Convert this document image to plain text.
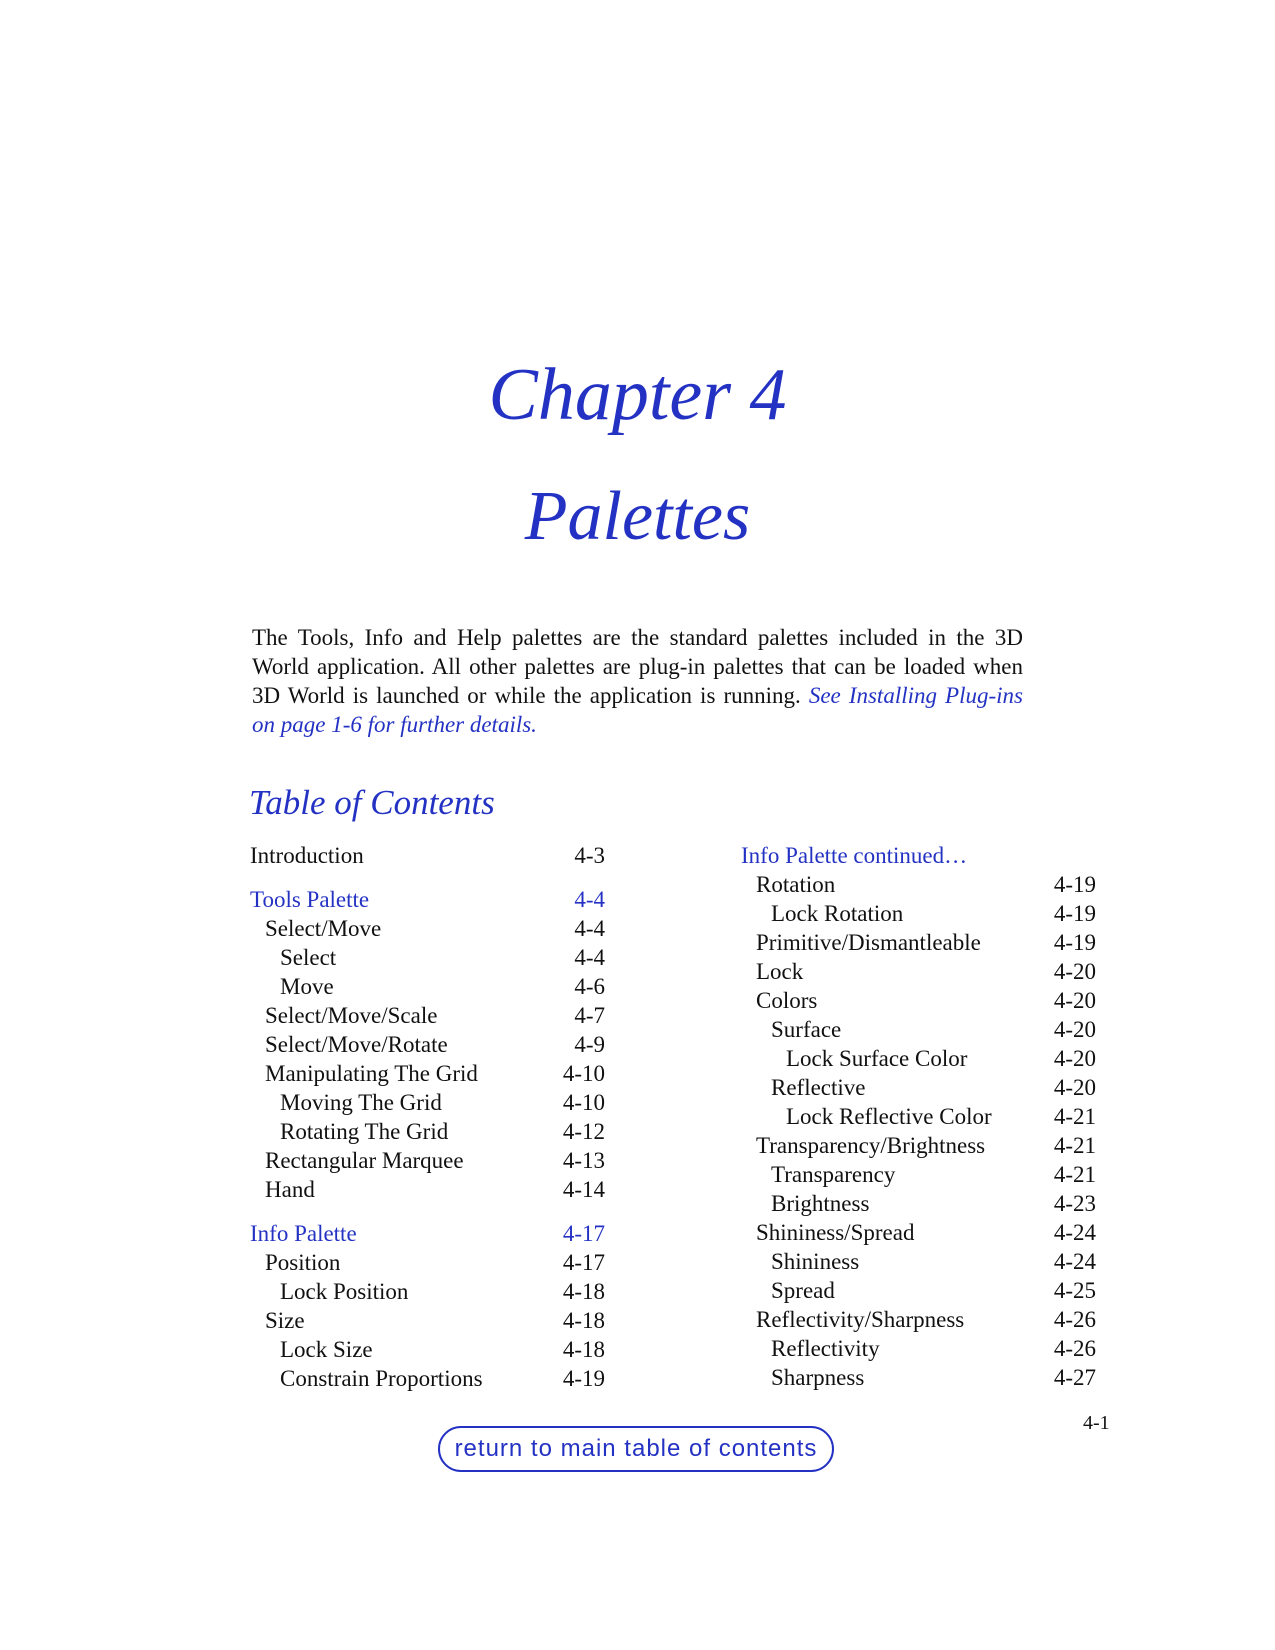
Chapter 4
Palettes

The Tools, Info and Help palettes are the standard palettes included in the 3D World application. All other palettes are plug-in palettes that can be loaded when 3D World is launched or while the application is running. See Installing Plug-ins on page 1-6 for further details.

Table of Contents
Introduction	4-3
Tools Palette	4-4
Select/Move	4-4
Select	4-4
Move	4-6
Select/Move/Scale	4-7
Select/Move/Rotate	4-9
Manipulating The Grid	4-10
Moving The Grid	4-10
Rotating The Grid	4-12
Rectangular Marquee	4-13
Hand	4-14
Info Palette	4-17
Position	4-17
Lock Position	4-18
Size	4-18
Lock Size	4-18
Constrain Proportions	4-19
Info Palette continued…
Rotation	4-19
Lock Rotation	4-19
Primitive/Dismantleable	4-19
Lock	4-20
Colors	4-20
Surface	4-20
Lock Surface Color	4-20
Reflective	4-20
Lock Reflective Color	4-21
Transparency/Brightness	4-21
Transparency	4-21
Brightness	4-23
Shininess/Spread	4-24
Shininess	4-24
Spread	4-25
Reflectivity/Sharpness	4-26
Reflectivity	4-26
Sharpness	4-27
4-1
return to main table of contents
